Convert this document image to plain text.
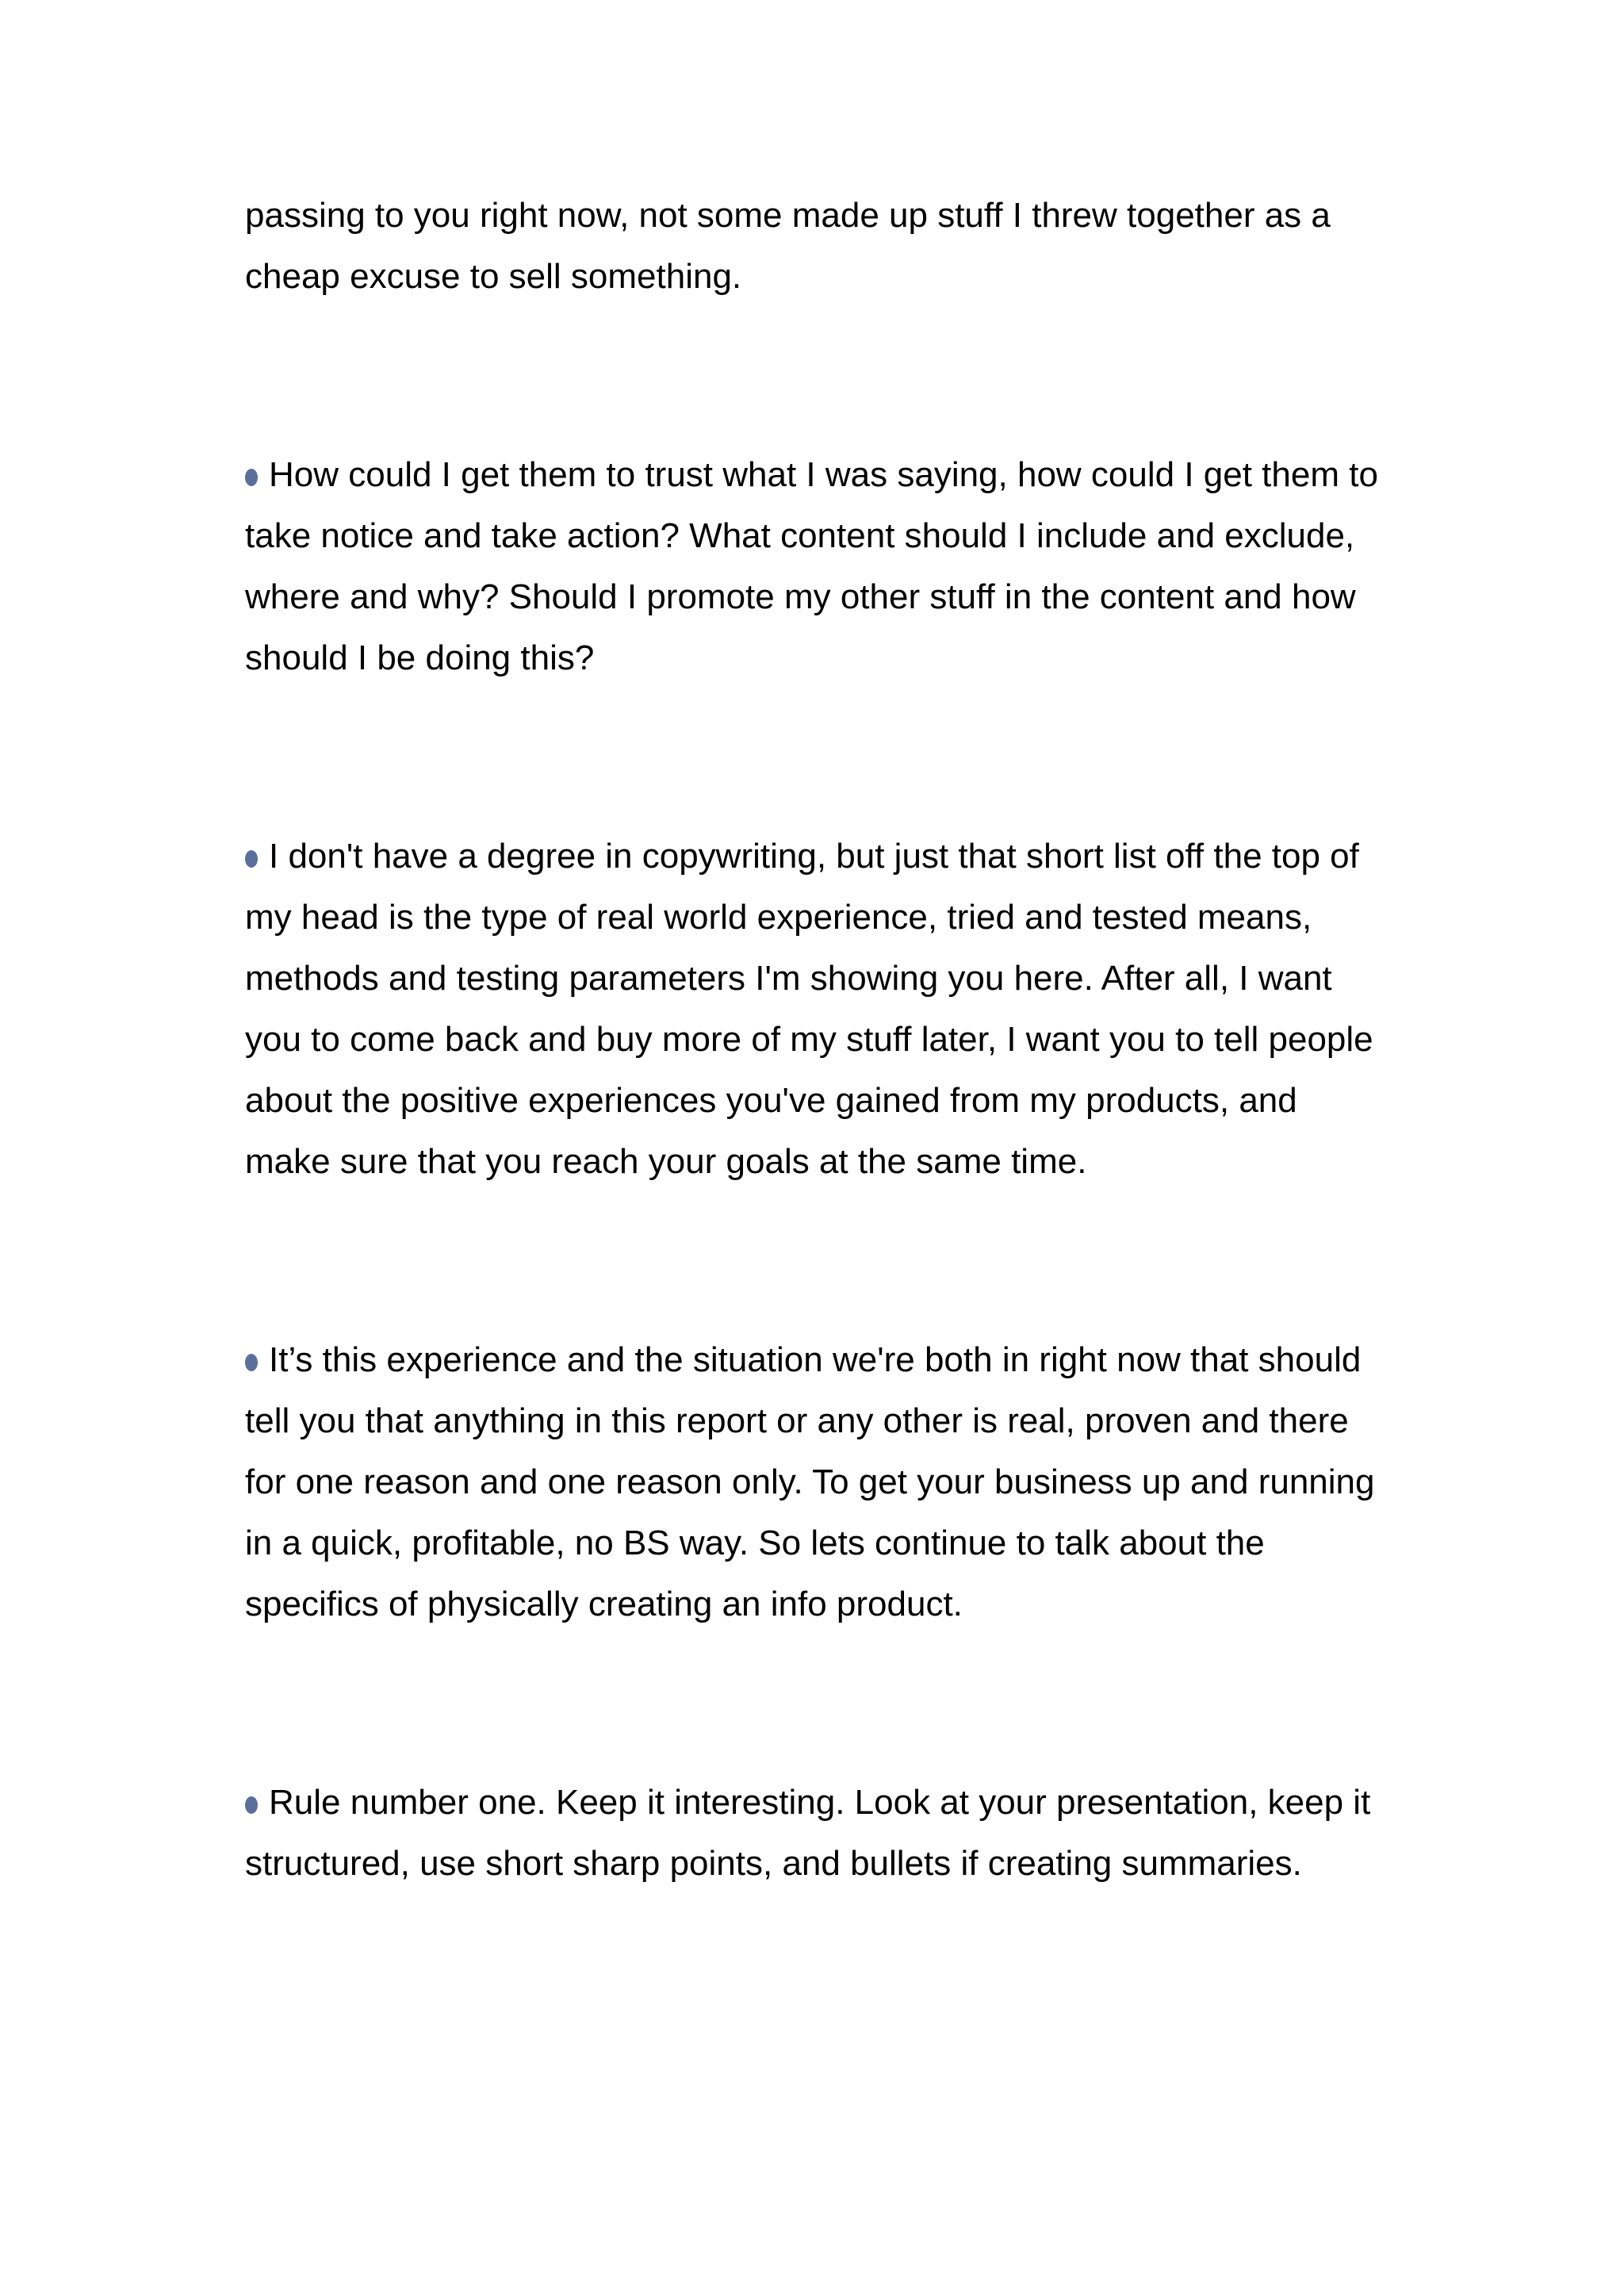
passing to you right now, not some made up stuff I threw together as a cheap excuse to sell something.

How could I get them to trust what I was saying, how could I get them to take notice and take action? What content should I include and exclude, where and why? Should I promote my other stuff in the content and how should I be doing this?

I don't have a degree in copywriting, but just that short list off the top of my head is the type of real world experience, tried and tested means, methods and testing parameters I'm showing you here. After all, I want you to come back and buy more of my stuff later, I want you to tell people about the positive experiences you've gained from my products, and make sure that you reach your goals at the same time.

It’s this experience and the situation we're both in right now that should tell you that anything in this report or any other is real, proven and there for one reason and one reason only. To get your business up and running in a quick, profitable, no BS way. So lets continue to talk about the specifics of physically creating an info product.

Rule number one. Keep it interesting. Look at your presentation, keep it structured, use short sharp points, and bullets if creating summaries.
